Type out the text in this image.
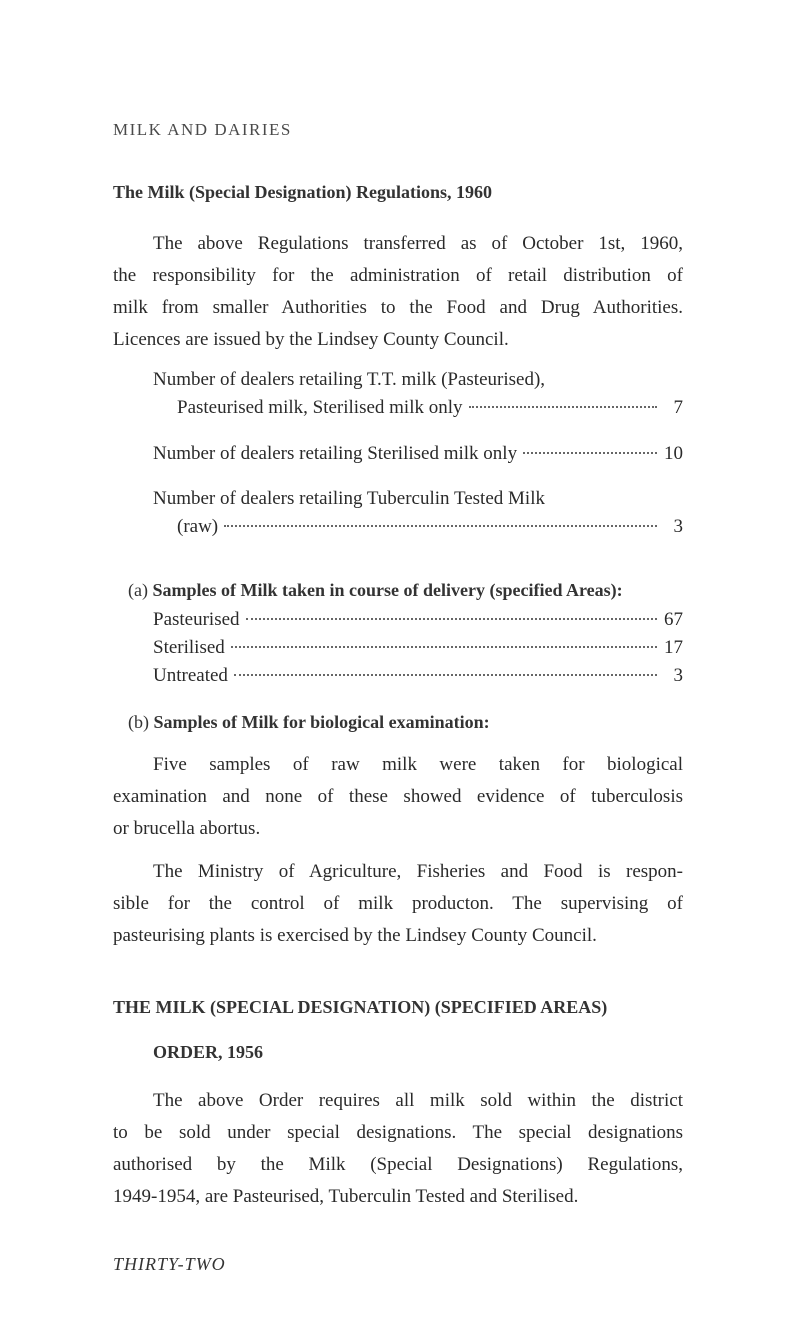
MILK AND DAIRIES
The Milk (Special Designation) Regulations, 1960
The above Regulations transferred as of October 1st, 1960,
the responsibility for the administration of retail distribution of
milk from smaller Authorities to the Food and Drug Authorities.
Licences are issued by the Lindsey County Council.
Number of dealers retailing T.T. milk (Pasteurised),
Pasteurised milk, Sterilised milk only	7
Number of dealers retailing Sterilised milk only	10
Number of dealers retailing Tuberculin Tested Milk
(raw)	3
(a) Samples of Milk taken in course of delivery (specified Areas):
Pasteurised	67
Sterilised	17
Untreated	3
(b) Samples of Milk for biological examination:
Five samples of raw milk were taken for biological
examination and none of these showed evidence of tuberculosis
or brucella abortus.
The Ministry of Agriculture, Fisheries and Food is respon-
sible for the control of milk producton. The supervising of
pasteurising plants is exercised by the Lindsey County Council.
THE MILK (SPECIAL DESIGNATION) (SPECIFIED AREAS)
ORDER, 1956
The above Order requires all milk sold within the district
to be sold under special designations. The special designations
authorised by the Milk (Special Designations) Regulations,
1949-1954, are Pasteurised, Tuberculin Tested and Sterilised.
THIRTY-TWO
